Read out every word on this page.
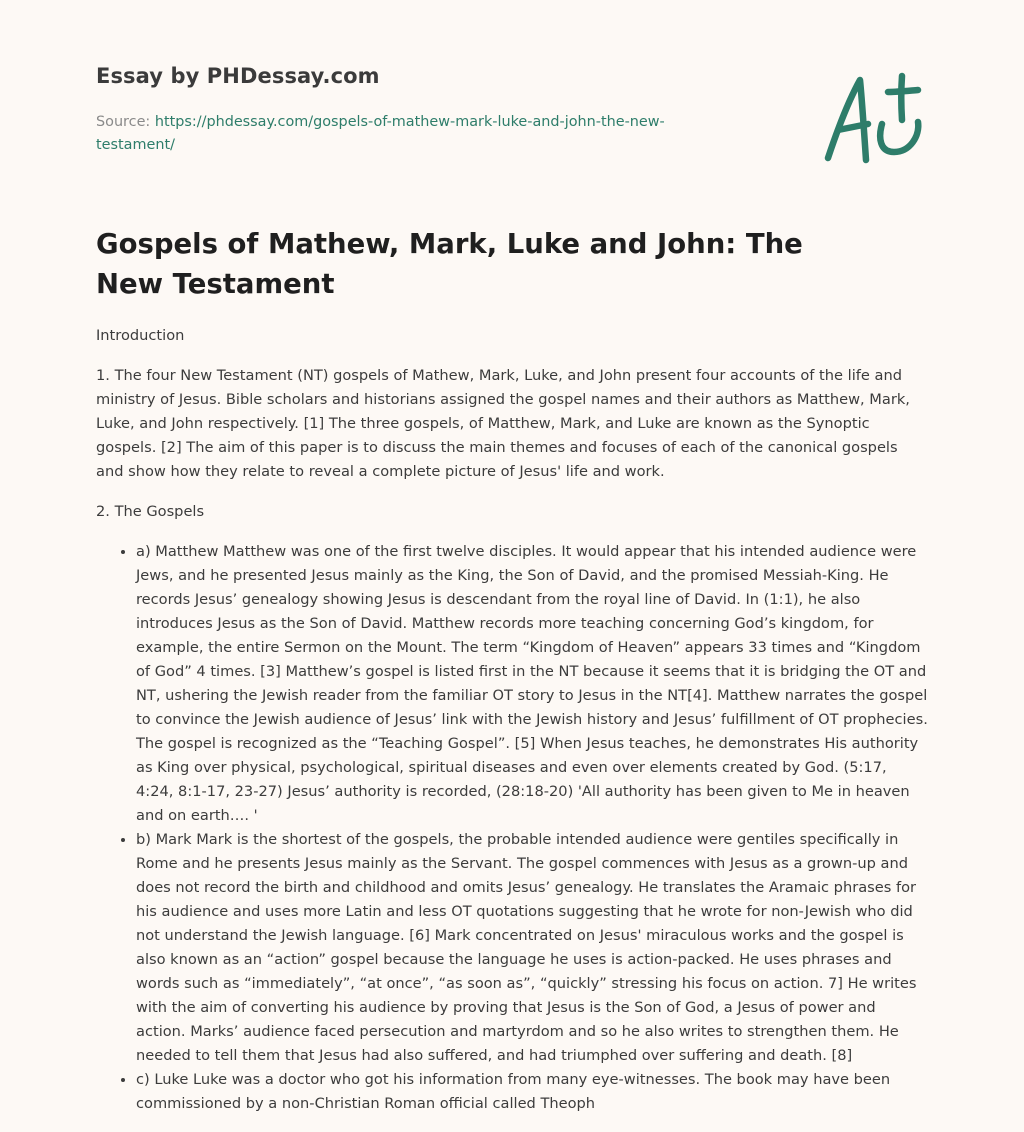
Essay by PHDessay.com
Source: https://phdessay.com/gospels-of-mathew-mark-luke-and-john-the-new-testament/
Gospels of Mathew, Mark, Luke and John: The New Testament

Introduction

1. The four New Testament (NT) gospels of Mathew, Mark, Luke, and John present four accounts of the life and ministry of Jesus. Bible scholars and historians assigned the gospel names and their authors as Matthew, Mark, Luke, and John respectively. [1] The three gospels, of Matthew, Mark, and Luke are known as the Synoptic gospels. [2] The aim of this paper is to discuss the main themes and focuses of each of the canonical gospels and show how they relate to reveal a complete picture of Jesus' life and work.

2. The Gospels

• a) Matthew Matthew was one of the first twelve disciples. It would appear that his intended audience were Jews, and he presented Jesus mainly as the King, the Son of David, and the promised Messiah-King. He records Jesus’ genealogy showing Jesus is descendant from the royal line of David. In (1:1), he also introduces Jesus as the Son of David. Matthew records more teaching concerning God’s kingdom, for example, the entire Sermon on the Mount. The term “Kingdom of Heaven” appears 33 times and “Kingdom of God” 4 times. [3] Matthew’s gospel is listed first in the NT because it seems that it is bridging the OT and NT, ushering the Jewish reader from the familiar OT story to Jesus in the NT[4]. Matthew narrates the gospel to convince the Jewish audience of Jesus’ link with the Jewish history and Jesus’ fulfillment of OT prophecies. The gospel is recognized as the “Teaching Gospel”. [5] When Jesus teaches, he demonstrates His authority as King over physical, psychological, spiritual diseases and even over elements created by God. (5:17, 4:24, 8:1-17, 23-27) Jesus’ authority is recorded, (28:18-20) 'All authority has been given to Me in heaven and on earth…. '
• b) Mark Mark is the shortest of the gospels, the probable intended audience were gentiles specifically in Rome and he presents Jesus mainly as the Servant. The gospel commences with Jesus as a grown-up and does not record the birth and childhood and omits Jesus’ genealogy. He translates the Aramaic phrases for his audience and uses more Latin and less OT quotations suggesting that he wrote for non-Jewish who did not understand the Jewish language. [6] Mark concentrated on Jesus' miraculous works and the gospel is also known as an “action” gospel because the language he uses is action-packed. He uses phrases and words such as “immediately”, “at once”, “as soon as”, “quickly” stressing his focus on action. 7] He writes with the aim of converting his audience by proving that Jesus is the Son of God, a Jesus of power and action. Marks’ audience faced persecution and martyrdom and so he also writes to strengthen them. He needed to tell them that Jesus had also suffered, and had triumphed over suffering and death. [8]
• c) Luke Luke was a doctor who got his information from many eye-witnesses. The book may have been commissioned by a non-Christian Roman official called Theoph
